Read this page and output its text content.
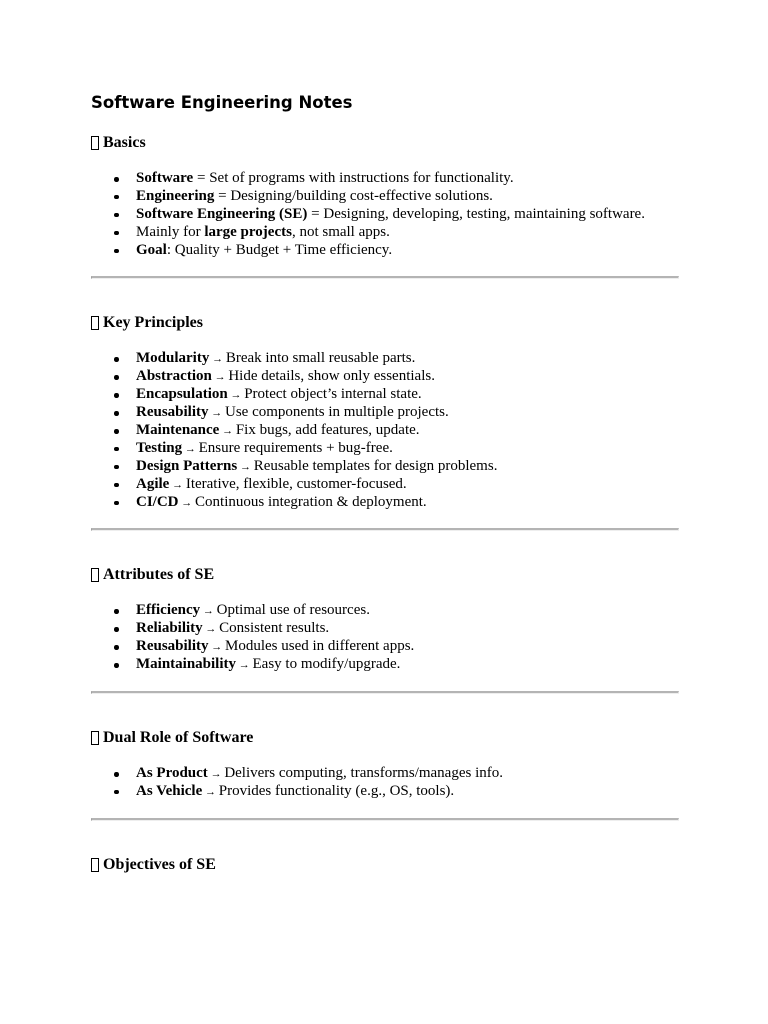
Software Engineering Notes
Basics
Software = Set of programs with instructions for functionality.
Engineering = Designing/building cost-effective solutions.
Software Engineering (SE) = Designing, developing, testing, maintaining software.
Mainly for large projects, not small apps.
Goal: Quality + Budget + Time efficiency.
Key Principles
Modularity → Break into small reusable parts.
Abstraction → Hide details, show only essentials.
Encapsulation → Protect object’s internal state.
Reusability → Use components in multiple projects.
Maintenance → Fix bugs, add features, update.
Testing → Ensure requirements + bug-free.
Design Patterns → Reusable templates for design problems.
Agile → Iterative, flexible, customer-focused.
CI/CD → Continuous integration & deployment.
Attributes of SE
Efficiency → Optimal use of resources.
Reliability → Consistent results.
Reusability → Modules used in different apps.
Maintainability → Easy to modify/upgrade.
Dual Role of Software
As Product → Delivers computing, transforms/manages info.
As Vehicle → Provides functionality (e.g., OS, tools).
Objectives of SE
